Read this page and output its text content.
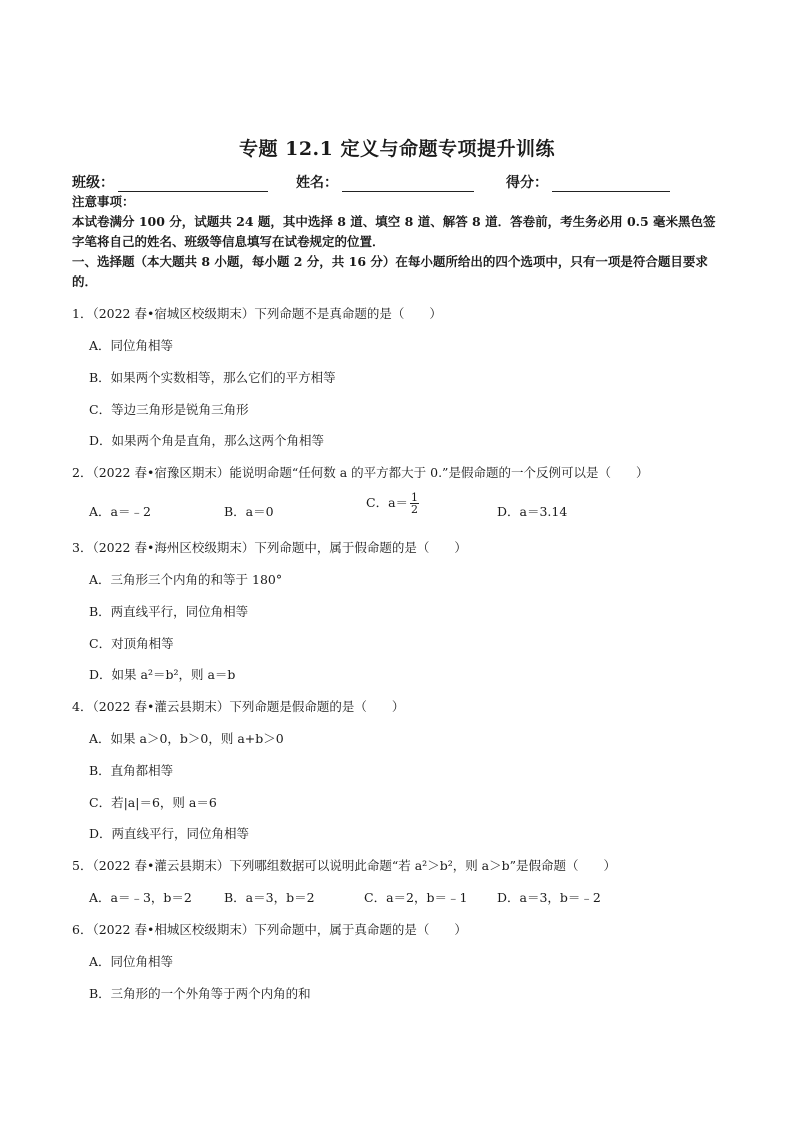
专题 12.1 定义与命题专项提升训练
班级：	姓名：	得分：
注意事项：
本试卷满分 100 分，试题共 24 题，其中选择 8 道、填空 8 道、解答 8 道．答卷前，考生务必用 0.5 毫米黑色签字笔将自己的姓名、班级等信息填写在试卷规定的位置．
一、选择题（本大题共 8 小题，每小题 2 分，共 16 分）在每小题所给出的四个选项中，只有一项是符合题目要求的．
1．（2022 春•宿城区校级期末）下列命题不是真命题的是（　　）
A．同位角相等
B．如果两个实数相等，那么它们的平方相等
C．等边三角形是锐角三角形
D．如果两个角是直角，那么这两个角相等
2．（2022 春•宿豫区期末）能说明命题“任何数 a 的平方都大于 0.”是假命题的一个反例可以是（　　）
A．a＝﹣2	B．a＝0
C．$a= \frac{1}{2}$	D．a＝3.14
3．（2022 春•海州区校级期末）下列命题中，属于假命题的是（　　）
A．三角形三个内角的和等于 180°
B．两直线平行，同位角相等
C．对顶角相等
D．如果 a²＝b²，则 a＝b
4．（2022 春•灌云县期末）下列命题是假命题的是（　　）
A．如果 a＞0，b＞0，则 a+b＞0
B．直角都相等
C．若|a|＝6，则 a＝6
D．两直线平行，同位角相等
5．（2022 春•灌云县期末）下列哪组数据可以说明此命题“若 a²＞b²，则 a＞b”是假命题（　　）
A．a＝﹣3，b＝2	B．a＝3，b＝2	C．a＝2，b＝﹣1 D．a＝3，b＝﹣2
6．（2022 春•相城区校级期末）下列命题中，属于真命题的是（　　）
A．同位角相等
B．三角形的一个外角等于两个内角的和
